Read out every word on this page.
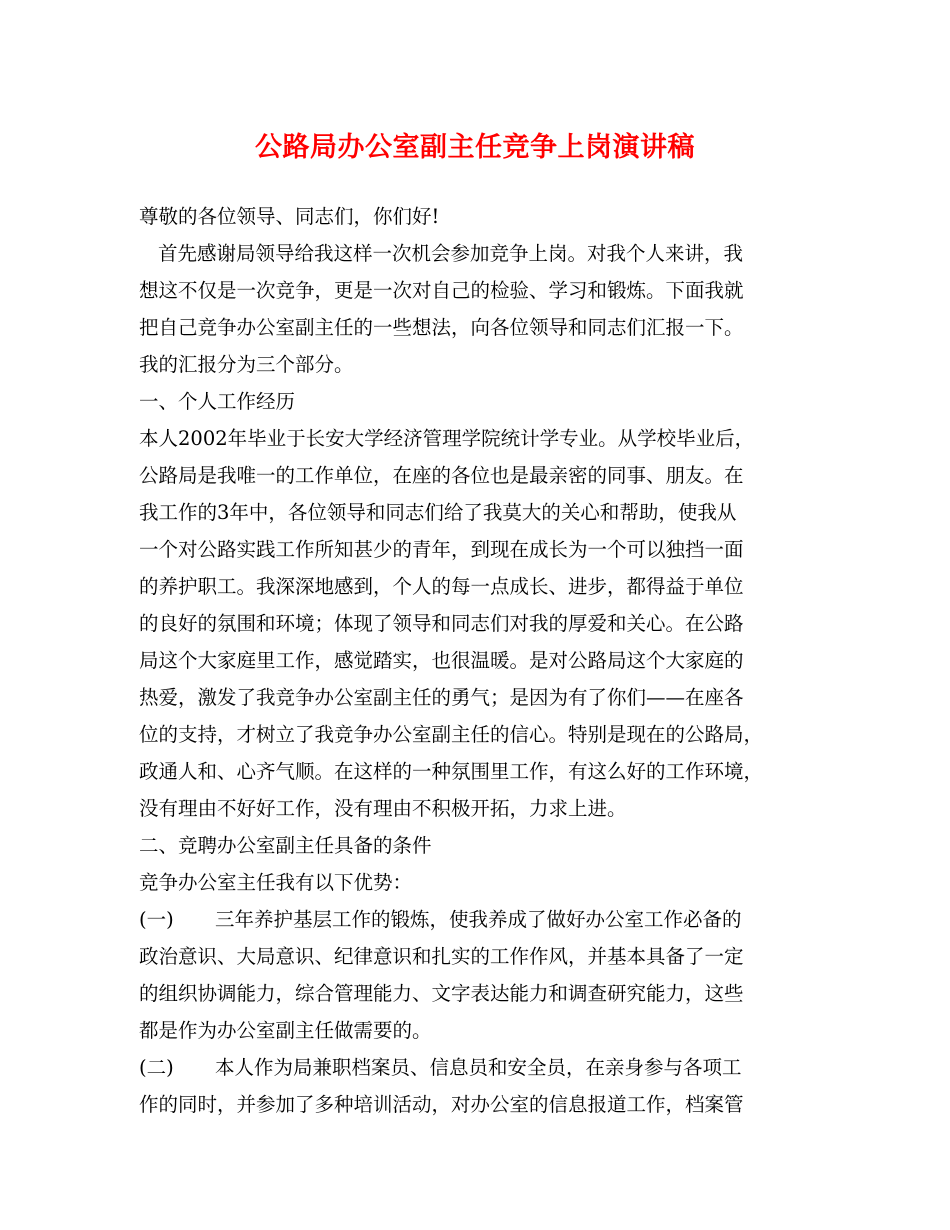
公路局办公室副主任竞争上岗演讲稿
尊敬的各位领导、同志们，你们好!
首先感谢局领导给我这样一次机会参加竞争上岗。对我个人来讲，我
想这不仅是一次竞争，更是一次对自己的检验、学习和锻炼。下面我就
把自己竞争办公室副主任的一些想法，向各位领导和同志们汇报一下。
我的汇报分为三个部分。
一、个人工作经历
本人2002年毕业于长安大学经济管理学院统计学专业。从学校毕业后，
公路局是我唯一的工作单位，在座的各位也是最亲密的同事、朋友。在
我工作的3年中，各位领导和同志们给了我莫大的关心和帮助，使我从
一个对公路实践工作所知甚少的青年，到现在成长为一个可以独挡一面
的养护职工。我深深地感到，个人的每一点成长、进步，都得益于单位
的良好的氛围和环境；体现了领导和同志们对我的厚爱和关心。在公路
局这个大家庭里工作，感觉踏实，也很温暖。是对公路局这个大家庭的
热爱，激发了我竞争办公室副主任的勇气；是因为有了你们——在座各
位的支持，才树立了我竞争办公室副主任的信心。特别是现在的公路局，
政通人和、心齐气顺。在这样的一种氛围里工作，有这么好的工作环境，
没有理由不好好工作，没有理由不积极开拓，力求上进。
二、竞聘办公室副主任具备的条件
竞争办公室主任我有以下优势：
(一) 三年养护基层工作的锻炼，使我养成了做好办公室工作必备的
政治意识、大局意识、纪律意识和扎实的工作作风，并基本具备了一定
的组织协调能力，综合管理能力、文字表达能力和调查研究能力，这些
都是作为办公室副主任做需要的。
(二) 本人作为局兼职档案员、信息员和安全员，在亲身参与各项工
作的同时，并参加了多种培训活动，对办公室的信息报道工作，档案管
